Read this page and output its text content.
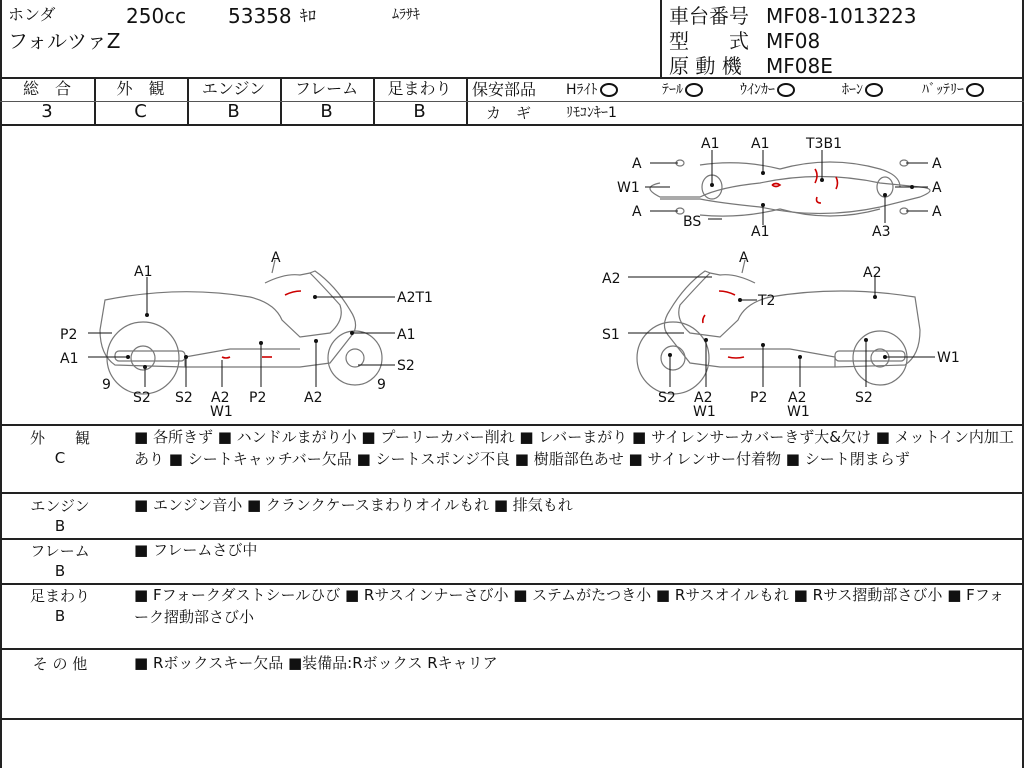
ホンダ	250cc 53358 ｷﾛ	ﾑﾗｻｷ
フォルツァZ
車台番号 MF08-1013223
型　　式 MF08
原 動 機 MF08E
総　合
3
外　観
C
エンジン
B
フレーム
B
足まわり
B
保安部品 Hﾗｲﾄ	ﾃｰﾙ	ｳｲﾝｶｰ	ﾎｰﾝ	ﾊﾞｯﾃﾘｰ
カ　ギ ﾘﾓｺﾝｷｰ1
A1 A1	T3B1
A
W1
A
BS
A1	A3
A
A
A
A
A1
A2T1
P2	A1
A1	S2
9	9
S2 S2 A2
W1
P2	A2
A2
A
A2
T2
S1
W1
S2 A2
W1
P2 A2
W1
S2
外　　観
C
■ 各所きず ■ ハンドルまがり小 ■ プーリーカバー削れ ■ レバーまがり ■ サイレンサーカバーきず大&欠け ■ メットイン内加工あり ■ シートキャッチバー欠品 ■ シートスポンジ不良 ■ 樹脂部色あせ ■ サイレンサー付着物 ■ シート閉まらず
エンジン
B
■ エンジン音小 ■ クランクケースまわりオイルもれ ■ 排気もれ
フレーム
B
■ フレームさび中
足まわり
B
■ Fフォークダストシールひび ■ Rサスインナーさび小 ■ ステムがたつき小 ■ Rサスオイルもれ ■ Rサス摺動部さび小 ■ Fフォーク摺動部さび小
そ の 他	■ Rボックスキー欠品 ■装備品:Rボックス Rキャリア
